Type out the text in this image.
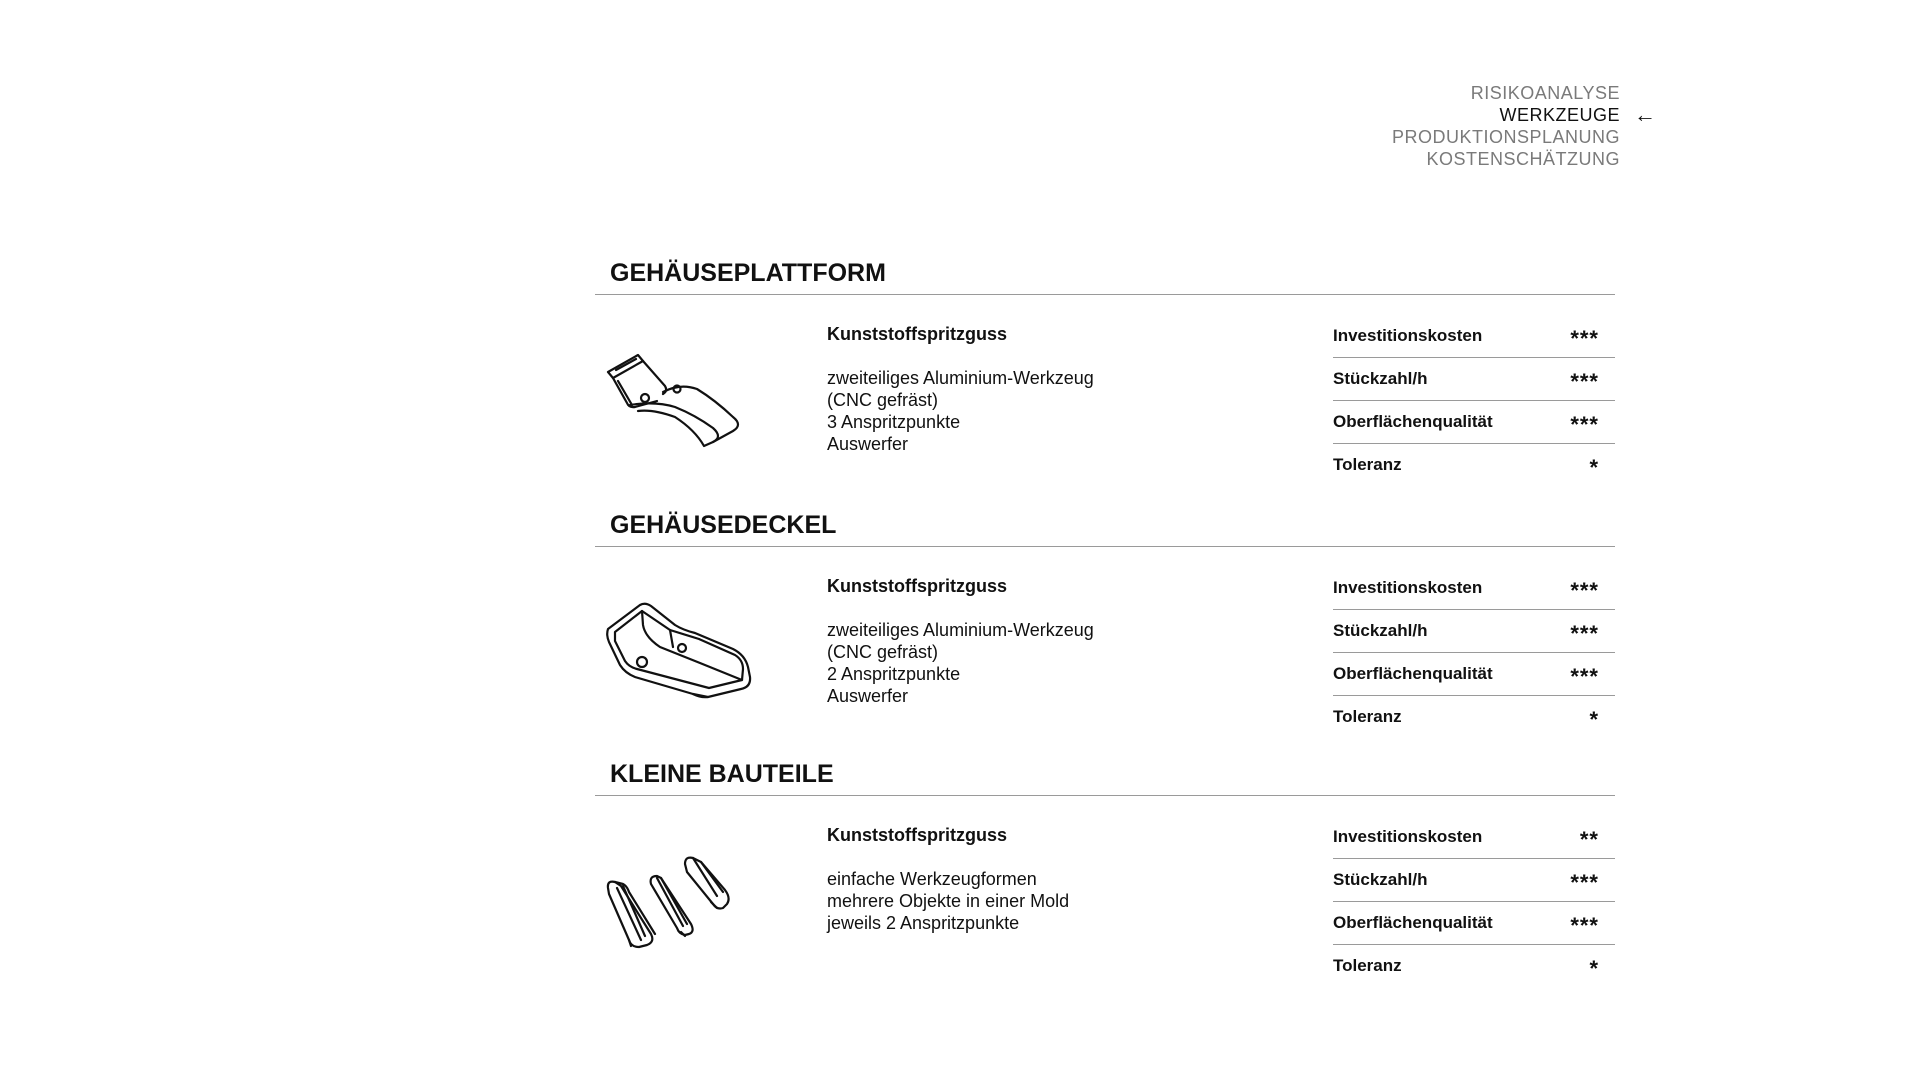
RISIKOANALYSE
WERKZEUGE ←
PRODUKTIONSPLANUNG
KOSTENSCHÄTZUNG
GEHÄUSEPLATTFORM
Kunststoffspritzguss
zweiteiliges Aluminium-Werkzeug
(CNC gefräst)
3 Anspritzpunkte
Auswerfer
Investitionskosten	***
Stückzahl/h	***
Oberflächenqualität	***
Toleranz	*
GEHÄUSEDECKEL
Kunststoffspritzguss
zweiteiliges Aluminium-Werkzeug
(CNC gefräst)
2 Anspritzpunkte
Auswerfer
Investitionskosten	***
Stückzahl/h	***
Oberflächenqualität	***
Toleranz	*
KLEINE BAUTEILE
Kunststoffspritzguss
einfache Werkzeugformen
mehrere Objekte in einer Mold
jeweils 2 Anspritzpunkte
Investitionskosten	**
Stückzahl/h	***
Oberflächenqualität	***
Toleranz	*
